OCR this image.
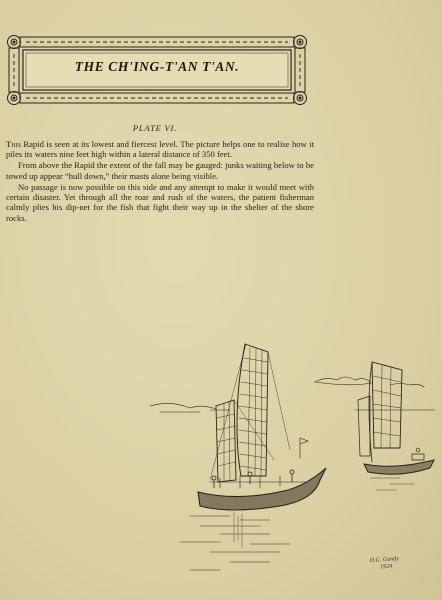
THE CH'ING-T'AN T'AN.
PLATE VI.

This Rapid is seen at its lowest and fiercest level. The picture helps one to realise how it piles its waters nine feet high within a lateral distance of 350 feet.

From above the Rapid the extent of the fall may be gauged: junks waiting below to be towed up appear “hull down,” their masts alone being visible.

No passage is now possible on this side and any attempt to make it would meet with certain disaster. Yet through all the roar and rush of the waters, the patient fisherman calmly plies his dip-net for the fish that fight their way up in the shelter of the shore rocks.

H.G. Gandy
1924
